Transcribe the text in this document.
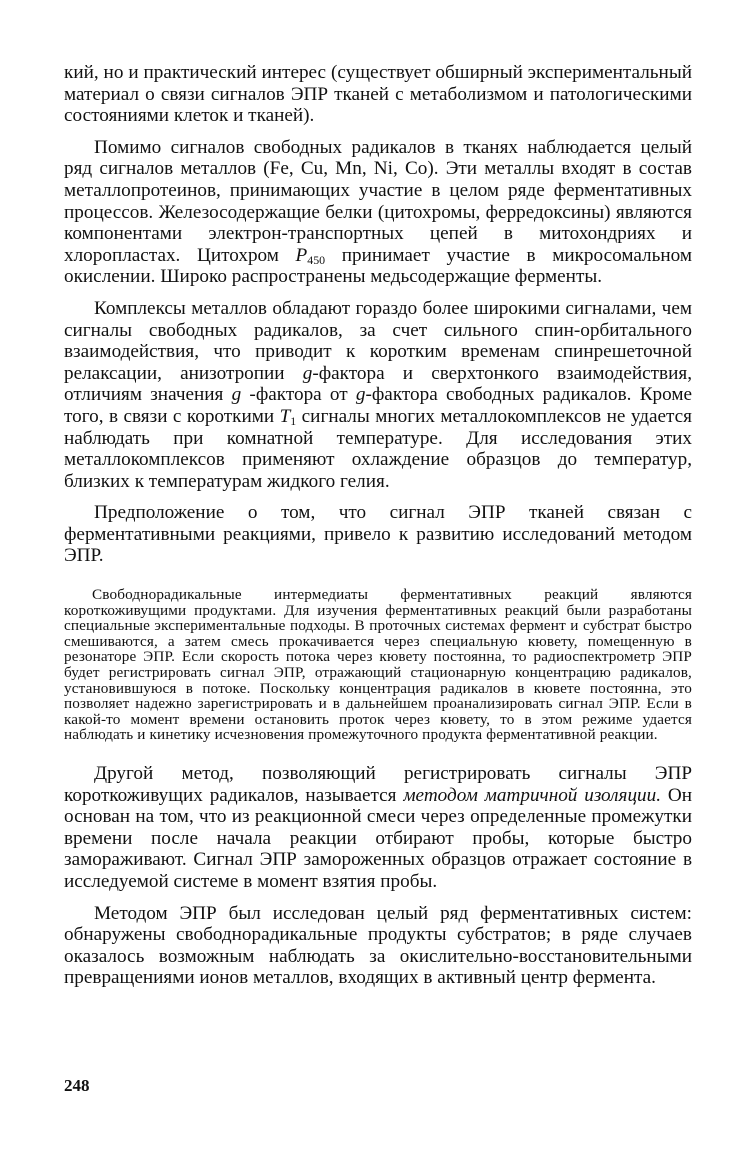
кий, но и практический интерес (существует обширный экспериментальный материал о связи сигналов ЭПР тканей с метаболизмом и патологическими состояниями клеток и тканей).

Помимо сигналов свободных радикалов в тканях наблюдается целый ряд сигналов металлов (Fe, Cu, Mn, Ni, Co). Эти металлы входят в состав металлопротеинов, принимающих участие в целом ряде ферментативных процессов. Железосодержащие белки (цитохромы, ферредоксины) являются компонентами электрон-транспортных цепей в митохондриях и хлоропластах. Цитохром $P_{450}$ принимает участие в микросомальном окислении. Широко распространены медьсодержащие ферменты.

Комплексы металлов обладают гораздо более широкими сигналами, чем сигналы свободных радикалов, за счет сильного спин-орбитального взаимодействия, что приводит к коротким временам спинрешеточной релаксации, анизотропии g-фактора и сверхтонкого взаимодействия, отличиям значения g -фактора от g-фактора свободных радикалов. Кроме того, в связи с короткими $T_1$ сигналы многих металлокомплексов не удается наблюдать при комнатной температуре. Для исследования этих металлокомплексов применяют охлаждение образцов до температур, близких к температурам жидкого гелия.

Предположение о том, что сигнал ЭПР тканей связан с ферментативными реакциями, привело к развитию исследований методом ЭПР.

Свободнорадикальные интермедиаты ферментативных реакций являются короткоживущими продуктами. Для изучения ферментативных реакций были разработаны специальные экспериментальные подходы. В проточных системах фермент и субстрат быстро смешиваются, а затем смесь прокачивается через специальную кювету, помещенную в резонаторе ЭПР. Если скорость потока через кювету постоянна, то радиоспектрометр ЭПР будет регистрировать сигнал ЭПР, отражающий стационарную концентрацию радикалов, установившуюся в потоке. Поскольку концентрация радикалов в кювете постоянна, это позволяет надежно зарегистрировать и в дальнейшем проанализировать сигнал ЭПР. Если в какой-то момент времени остановить проток через кювету, то в этом режиме удается наблюдать и кинетику исчезновения промежуточного продукта ферментативной реакции.

Другой метод, позволяющий регистрировать сигналы ЭПР короткоживущих радикалов, называется методом матричной изоляции. Он основан на том, что из реакционной смеси через определенные промежутки времени после начала реакции отбирают пробы, которые быстро замораживают. Сигнал ЭПР замороженных образцов отражает состояние в исследуемой системе в момент взятия пробы.

Методом ЭПР был исследован целый ряд ферментативных систем: обнаружены свободнорадикальные продукты субстратов; в ряде случаев оказалось возможным наблюдать за окислительно-восстановительными превращениями ионов металлов, входящих в активный центр фермента.

248
